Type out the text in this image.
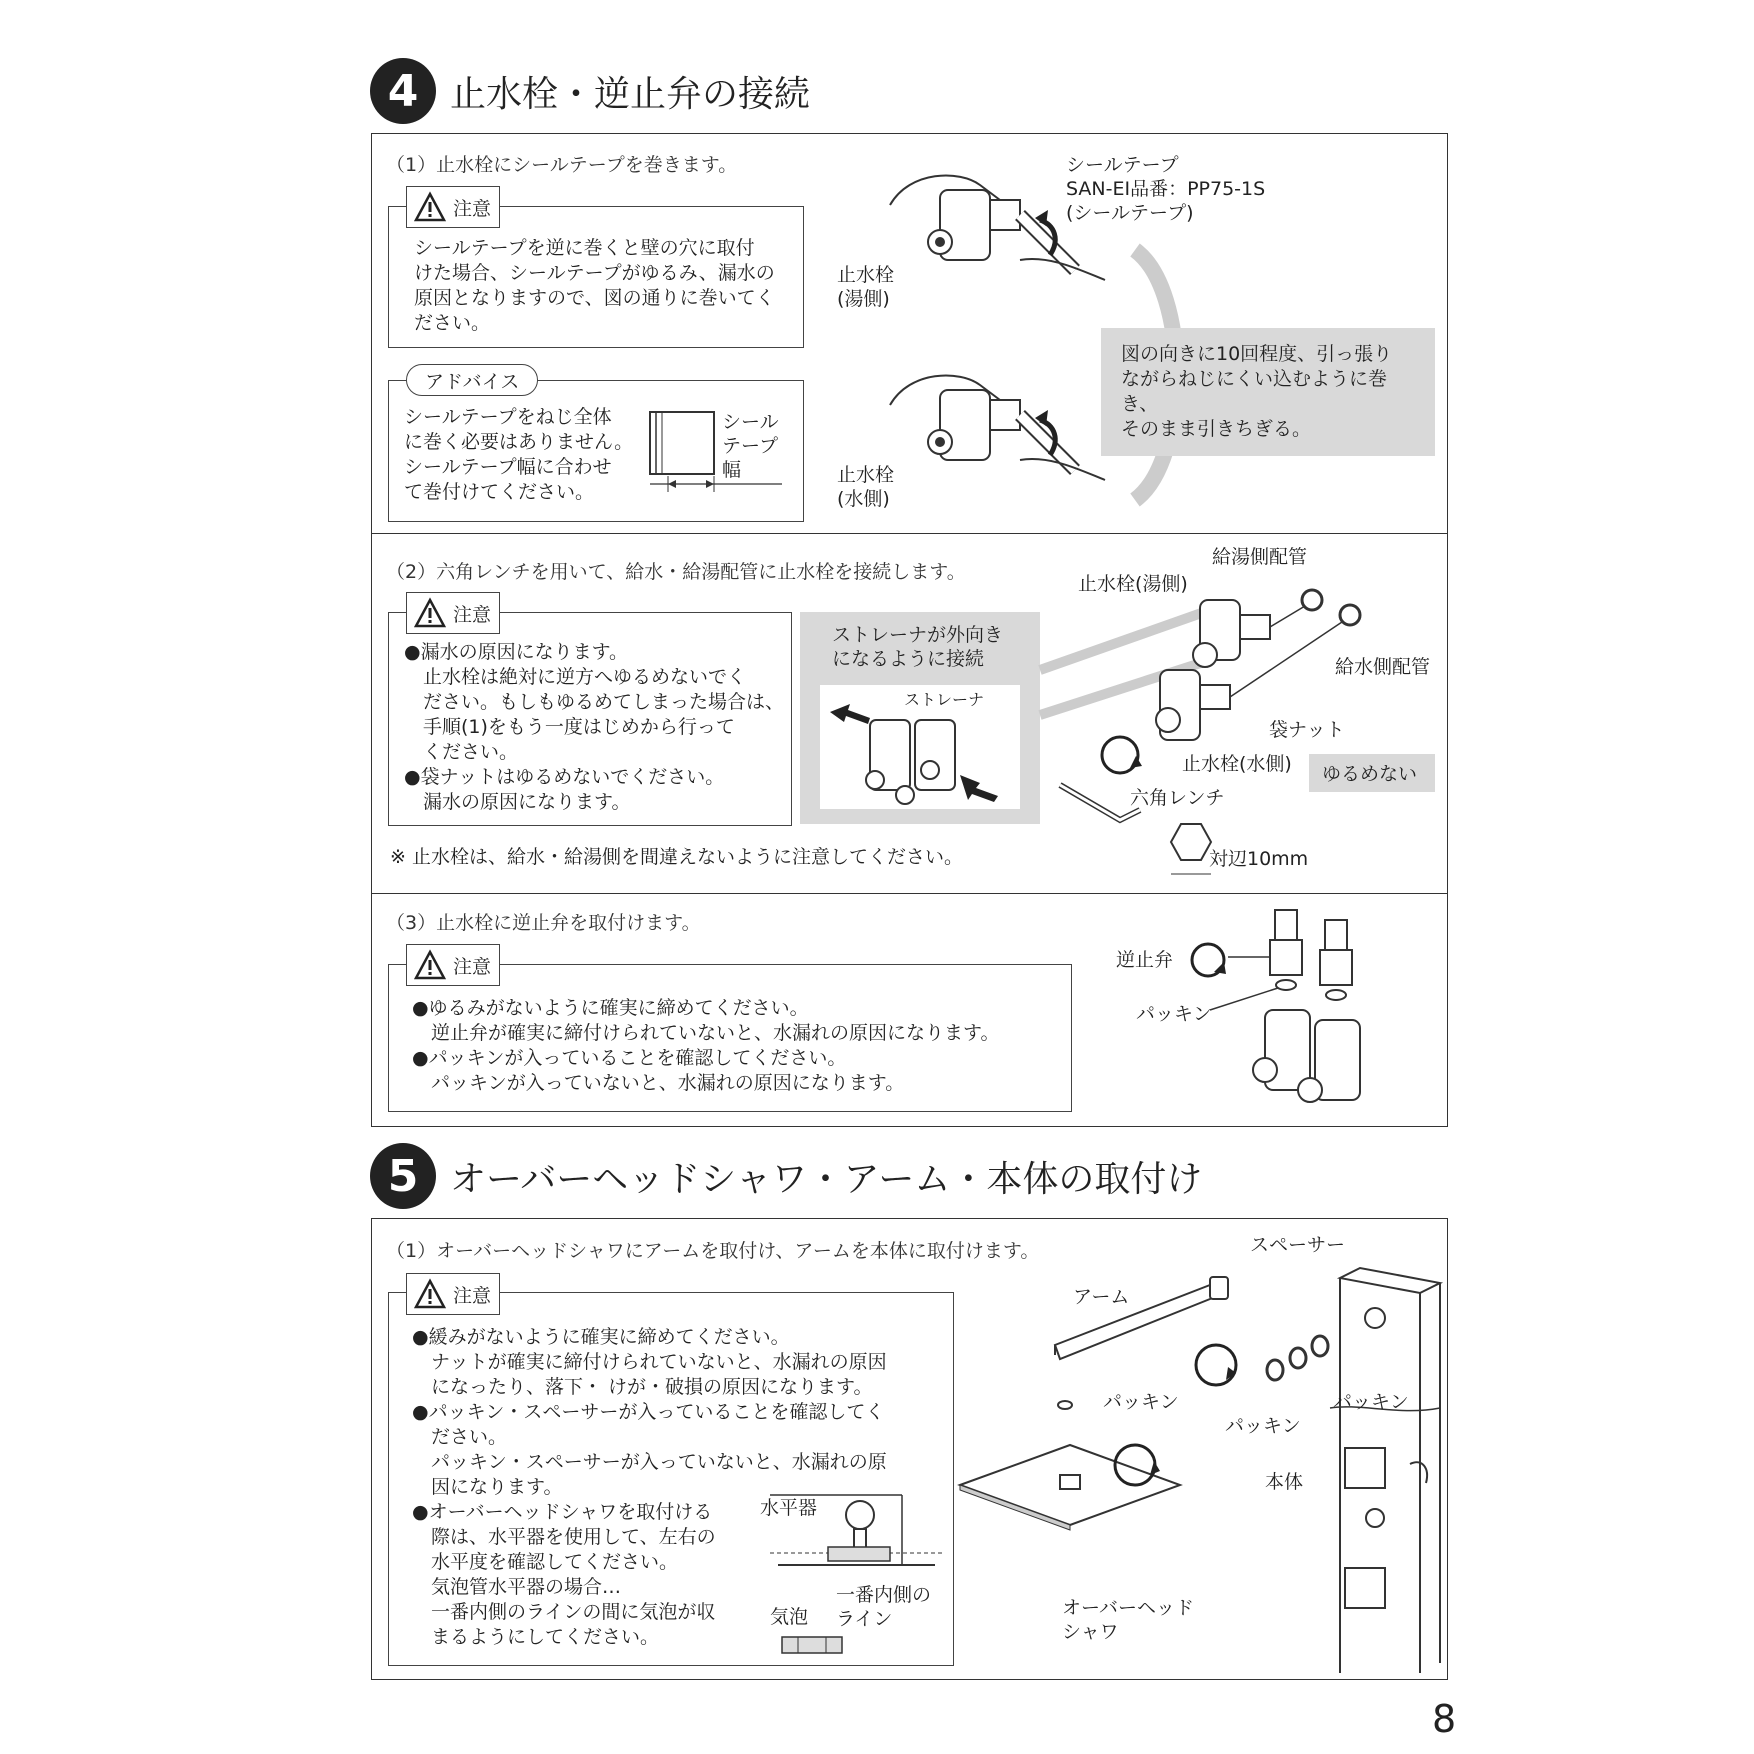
4 止水栓・逆止弁の接続
（1）止水栓にシールテープを巻きます。
注意
シールテープを逆に巻くと壁の穴に取付
けた場合、シールテープがゆるみ、漏水の
原因となりますので、図の通りに巻いてく
ださい。
アドバイス
シールテープをねじ全体
に巻く必要はありません。
シールテープ幅に合わせ
て巻付けてください。
シール
テープ
幅
シールテープ
SAN-EI品番：PP75-1S
(シールテープ)
止水栓
(湯側)
止水栓
(水側)
図の向きに10回程度、引っ張り
ながらねじにくい込むように巻き、
そのまま引きちぎる。
（2）六角レンチを用いて、給水・給湯配管に止水栓を接続します。
注意
●漏水の原因になります。
　止水栓は絶対に逆方へゆるめないでく
　ださい。もしもゆるめてしまった場合は、
　手順(1)をもう一度はじめから行って
　ください。
●袋ナットはゆるめないでください。
　漏水の原因になります。
ストレーナが外向き
になるように接続
ストレーナ
給湯側配管
止水栓(湯側)
給水側配管
袋ナット
止水栓(水側) ゆるめない
六角レンチ
対辺10mm
※ 止水栓は、給水・給湯側を間違えないように注意してください。
（3）止水栓に逆止弁を取付けます。
注意
●ゆるみがないように確実に締めてください。
　逆止弁が確実に締付けられていないと、水漏れの原因になります。
●パッキンが入っていることを確認してください。
　パッキンが入っていないと、水漏れの原因になります。
逆止弁
パッキン
5 オーバーヘッドシャワ・アーム・本体の取付け
（1）オーバーヘッドシャワにアームを取付け、アームを本体に取付けます。
注意
●緩みがないように確実に締めてください。
　ナットが確実に締付けられていないと、水漏れの原因
　になったり、落下・ けが・破損の原因になります。
●パッキン・スペーサーが入っていることを確認してく
　ださい。
　パッキン・スペーサーが入っていないと、水漏れの原
　因になります。
●オーバーヘッドシャワを取付ける
　際は、水平器を使用して、左右の
　水平度を確認してください。
　気泡管水平器の場合…
　一番内側のラインの間に気泡が収
　まるようにしてください。
水平器
一番内側の
ライン
気泡
スペーサー
アーム
パッキン
パッキン
パッキン
本体
オーバーヘッド
シャワ
8
